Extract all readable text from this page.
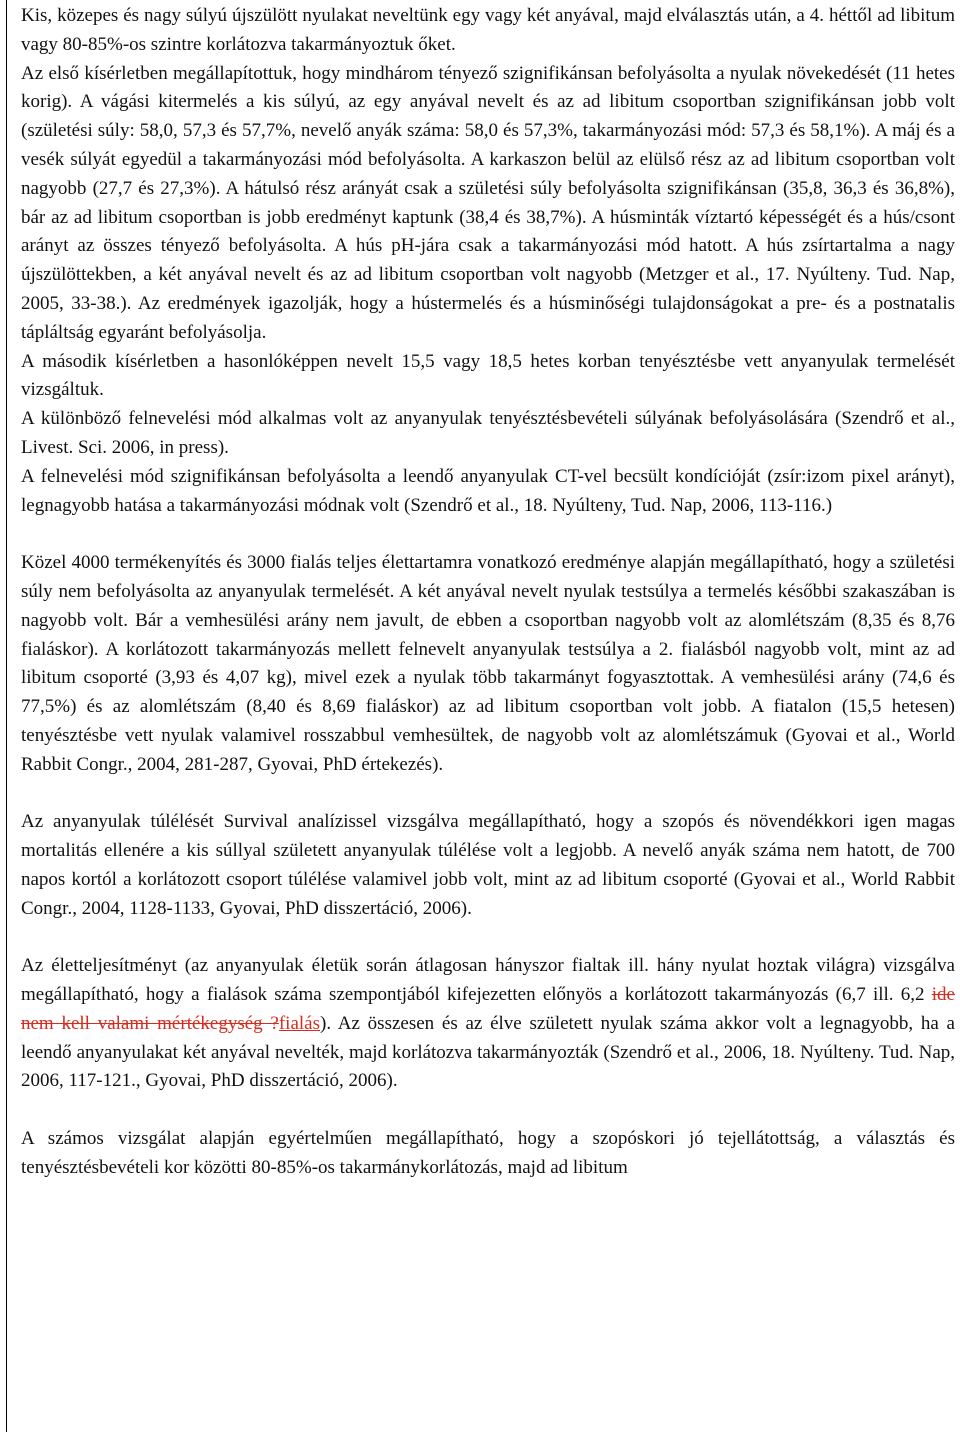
Kis, közepes és nagy súlyú újszülött nyulakat neveltünk egy vagy két anyával, majd elválasztás után, a 4. héttől ad libitum vagy 80-85%-os szintre korlátozva takarmányoztuk őket.

Az első kísérletben megállapítottuk, hogy mindhárom tényező szignifikánsan befolyásolta a nyulak növekedését (11 hetes korig). A vágási kitermelés a kis súlyú, az egy anyával nevelt és az ad libitum csoportban szignifikánsan jobb volt (születési súly: 58,0, 57,3 és 57,7%, nevelő anyák száma: 58,0 és 57,3%, takarmányozási mód: 57,3 és 58,1%). A máj és a vesék súlyát egyedül a takarmányozási mód befolyásolta. A karkaszon belül az elülső rész az ad libitum csoportban volt nagyobb (27,7 és 27,3%). A hátulsó rész arányát csak a születési súly befolyásolta szignifikánsan (35,8, 36,3 és 36,8%), bár az ad libitum csoportban is jobb eredményt kaptunk (38,4 és 38,7%). A húsminták víztartó képességét és a hús/csont arányt az összes tényező befolyásolta. A hús pH-jára csak a takarmányozási mód hatott. A hús zsírtartalma a nagy újszülöttekben, a két anyával nevelt és az ad libitum csoportban volt nagyobb (Metzger et al., 17. Nyúlteny. Tud. Nap, 2005, 33-38.). Az eredmények igazolják, hogy a hústermelés és a húsminőségi tulajdonságokat a pre- és a postnatalis tápláltság egyaránt befolyásolja.

A második kísérletben a hasonlóképpen nevelt 15,5 vagy 18,5 hetes korban tenyésztésbe vett anyanyulak termelését vizsgáltuk.

A különböző felnevelési mód alkalmas volt az anyanyulak tenyésztésbevételi súlyának befolyásolására (Szendrő et al., Livest. Sci. 2006, in press).

A felnevelési mód szignifikánsan befolyásolta a leendő anyanyulak CT-vel becsült kondícióját (zsír:izom pixel arányt), legnagyobb hatása a takarmányozási módnak volt (Szendrő et al., 18. Nyúlteny, Tud. Nap, 2006, 113-116.)

Közel 4000 termékenyítés és 3000 fialás teljes élettartamra vonatkozó eredménye alapján megállapítható, hogy a születési súly nem befolyásolta az anyanyulak termelését. A két anyával nevelt nyulak testsúlya a termelés későbbi szakaszában is nagyobb volt. Bár a vemhesülési arány nem javult, de ebben a csoportban nagyobb volt az alomlétszám (8,35 és 8,76 fialáskor). A korlátozott takarmányozás mellett felnevelt anyanyulak testsúlya a 2. fialásból nagyobb volt, mint az ad libitum csoporté (3,93 és 4,07 kg), mivel ezek a nyulak több takarmányt fogyasztottak. A vemhesülési arány (74,6 és 77,5%) és az alomlétszám (8,40 és 8,69 fialáskor) az ad libitum csoportban volt jobb. A fiatalon (15,5 hetesen) tenyésztésbe vett nyulak valamivel rosszabbul vemhesültek, de nagyobb volt az alomlétszámuk (Gyovai et al., World Rabbit Congr., 2004, 281-287, Gyovai, PhD értekezés).

Az anyanyulak túlélését Survival analízissel vizsgálva megállapítható, hogy a szopós és növendékkori igen magas mortalitás ellenére a kis súllyal született anyanyulak túlélése volt a legjobb. A nevelő anyák száma nem hatott, de 700 napos kortól a korlátozott csoport túlélése valamivel jobb volt, mint az ad libitum csoporté (Gyovai et al., World Rabbit Congr., 2004, 1128-1133, Gyovai, PhD disszertáció, 2006).

Az életteljesítményt (az anyanyulak életük során átlagosan hányszor fialtak ill. hány nyulat hoztak világra) vizsgálva megállapítható, hogy a fialások száma szempontjából kifejezetten előnyös a korlátozott takarmányozás (6,7 ill. 6,2 ide nem kell valami mértékegység ?fialás). Az összesen és az élve született nyulak száma akkor volt a legnagyobb, ha a leendő anyanyulakat két anyával nevelték, majd korlátozva takarmányozták (Szendrő et al., 2006, 18. Nyúlteny. Tud. Nap, 2006, 117-121., Gyovai, PhD disszertáció, 2006).

A számos vizsgálat alapján egyértelműen megállapítható, hogy a szopóskori jó tejellátottság, a választás és tenyésztésbevételi kor közötti 80-85%-os takarmánykorlátozás, majd ad libitum
